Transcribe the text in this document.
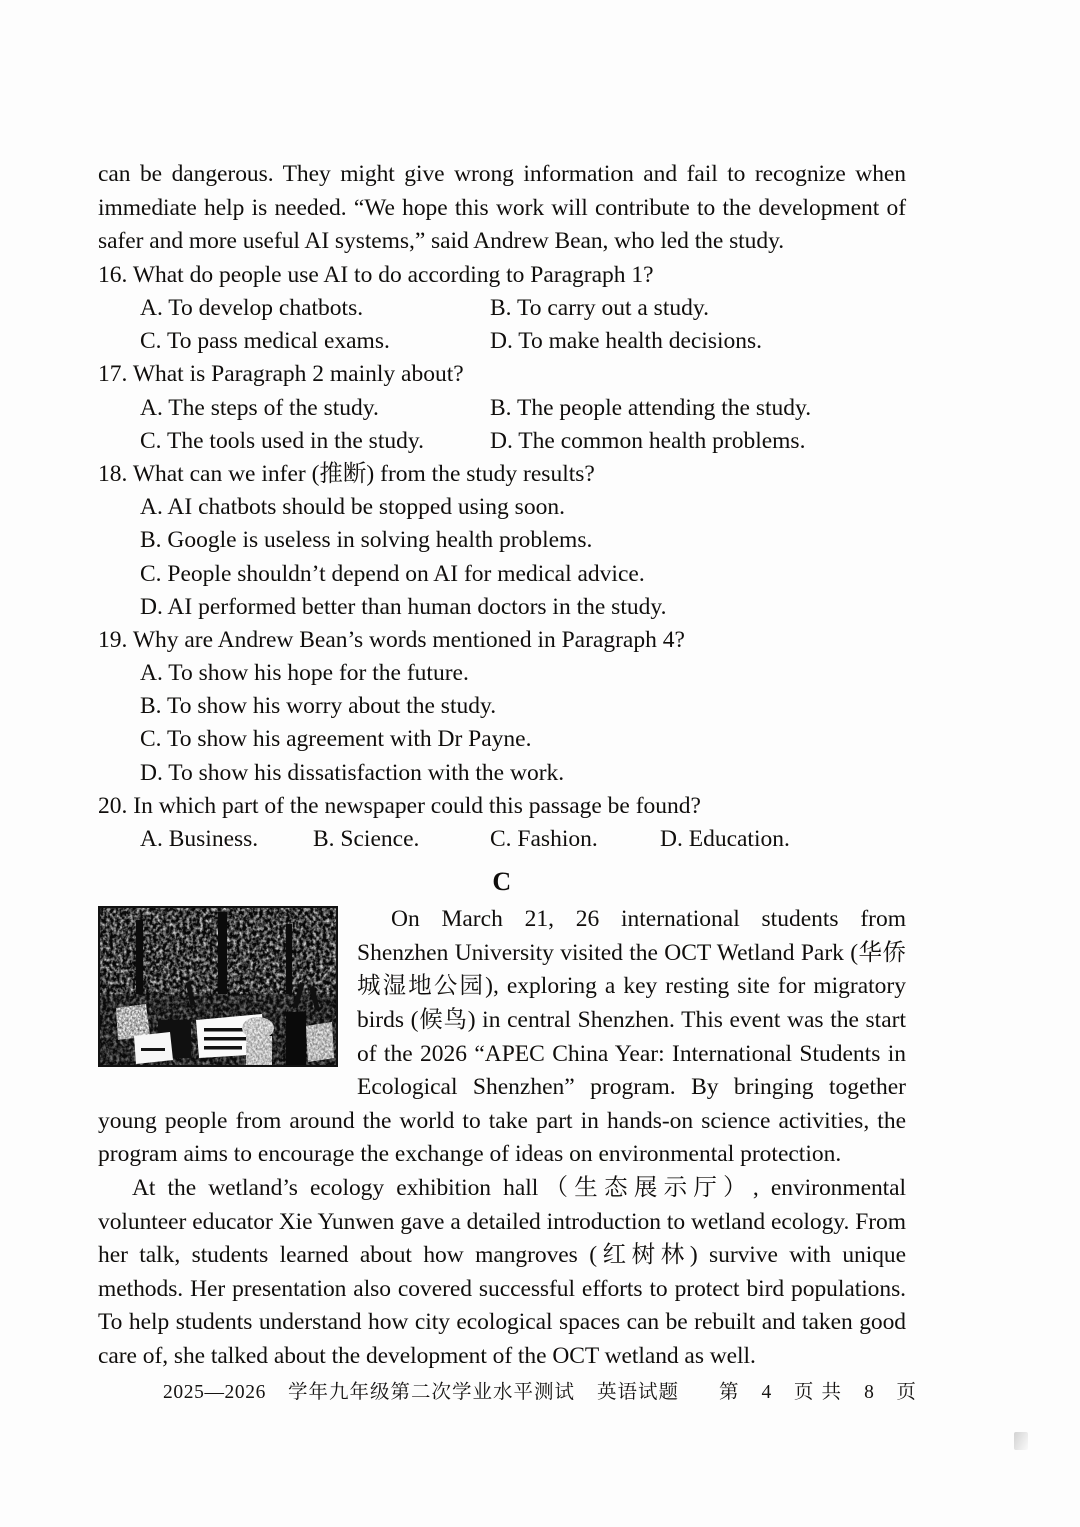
can be dangerous. They might give wrong information and fail to recognize when immediate help is needed. “We hope this work will contribute to the development of safer and more useful AI systems,” said Andrew Bean, who led the study.

16. What do people use AI to do according to Paragraph 1?
A. To develop chatbots.	B. To carry out a study.
C. To pass medical exams.	D. To make health decisions.
17. What is Paragraph 2 mainly about?
A. The steps of the study.	B. The people attending the study.
C. The tools used in the study.	D. The common health problems.
18. What can we infer (推断) from the study results?
A. AI chatbots should be stopped using soon.
B. Google is useless in solving health problems.
C. People shouldn’t depend on AI for medical advice.
D. AI performed better than human doctors in the study.
19. Why are Andrew Bean’s words mentioned in Paragraph 4?
A. To show his hope for the future.
B. To show his worry about the study.
C. To show his agreement with Dr Payne.
D. To show his dissatisfaction with the work.
20. In which part of the newspaper could this passage be found?
A. Business. B. Science.	C. Fashion.	D. Education.
C

On March 21, 26 international students from Shenzhen University visited the OCT Wetland Park (华侨城湿地公园), exploring a key resting site for migratory birds (候鸟) in central Shenzhen. This event was the start of the 2026 “APEC China Year: International Students in Ecological Shenzhen” program. By bringing together young people from around the world to take part in hands-on science activities, the program aims to encourage the exchange of ideas on environmental protection.

At the wetland’s ecology exhibition hall（生态展示厅）, environmental volunteer educator Xie Yunwen gave a detailed introduction to wetland ecology. From her talk, students learned about how mangroves (红树林) survive with unique methods. Her presentation also covered successful efforts to protect bird populations. To help students understand how city ecological spaces can be rebuilt and taken good care of, she talked about the development of the OCT wetland as well.

2025—2026 学年九年级第二次学业水平测试 英语试题 第 4 页 共 8 页
